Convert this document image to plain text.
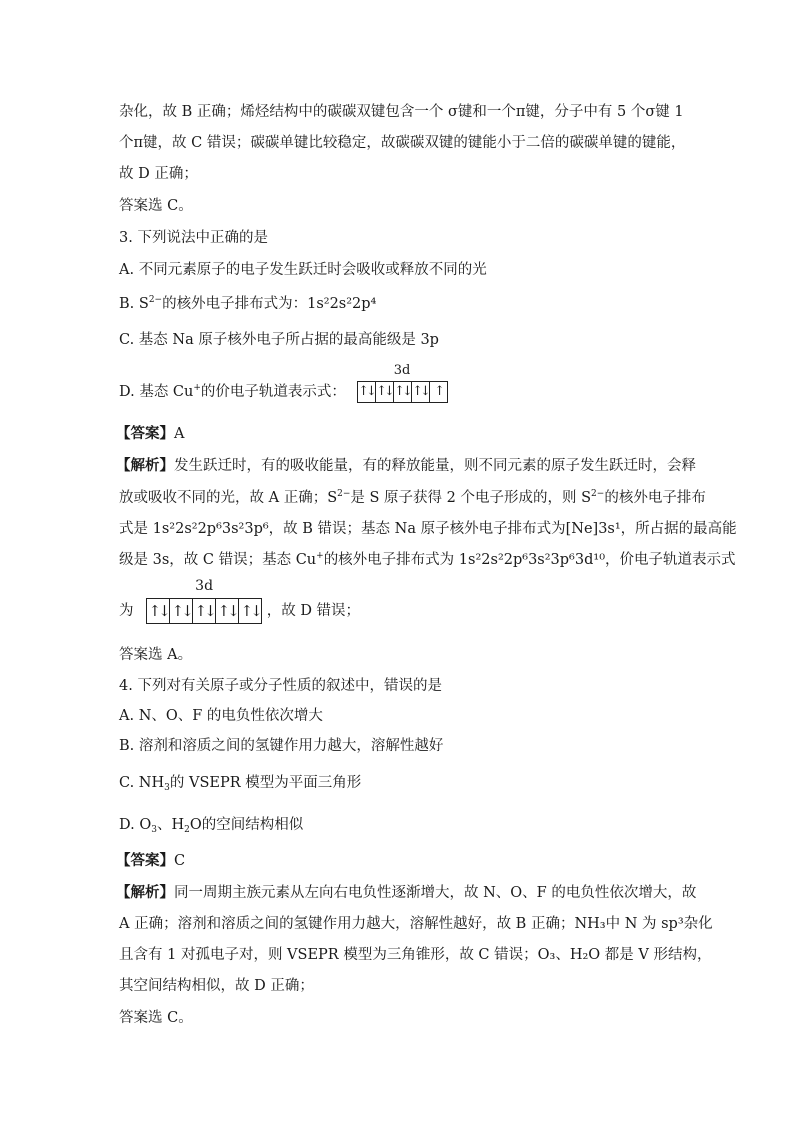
杂化，故 B 正确；烯烃结构中的碳碳双键包含一个 σ键和一个π键，分子中有 5 个σ键 1
个π键，故 C 错误；碳碳单键比较稳定，故碳碳双键的键能小于二倍的碳碳单键的键能，
故 D 正确；
答案选 C。
3. 下列说法中正确的是
A. 不同元素原子的电子发生跃迁时会吸收或释放不同的光
B. $S^{2-}$的核外电子排布式为：1s²2s²2p⁴
C. 基态 Na 原子核外电子所占据的最高能级是 3p
D. 基态 Cu+的价电子轨道表示式：
3d
↑↓ ↑↓ ↑↓ ↑↓ ↑
【答案】A
【解析】发生跃迁时，有的吸收能量，有的释放能量，则不同元素的原子发生跃迁时，会释
放或吸收不同的光，故 A 正确；$S^{2-}$是 S 原子获得 2 个电子形成的，则 $S^{2-}$的核外电子排布
式是 1s²2s²2p⁶3s²3p⁶，故 B 错误；基态 Na 原子核外电子排布式为[Ne]3s¹，所占据的最高能
级是 3s，故 C 错误；基态 Cu+的核外电子排布式为 1s²2s²2p⁶3s²3p⁶3d¹⁰，价电子轨道表示式
为
3d
↑↓ ↑↓ ↑↓ ↑↓ ↑↓ ，故 D 错误；
答案选 A。
4. 下列对有关原子或分子性质的叙述中，错误的是
A. N、O、F 的电负性依次增大
B. 溶剂和溶质之间的氢键作用力越大，溶解性越好
C. $NH_3$的 VSEPR 模型为平面三角形
D. $O_3$、$H_2O$的空间结构相似
【答案】C
【解析】同一周期主族元素从左向右电负性逐渐增大，故 N、O、F 的电负性依次增大，故
A 正确；溶剂和溶质之间的氢键作用力越大，溶解性越好，故 B 正确；NH₃中 N 为 sp³杂化
且含有 1 对孤电子对，则 VSEPR 模型为三角锥形，故 C 错误；O₃、H₂O 都是 V 形结构，
其空间结构相似，故 D 正确；
答案选 C。
